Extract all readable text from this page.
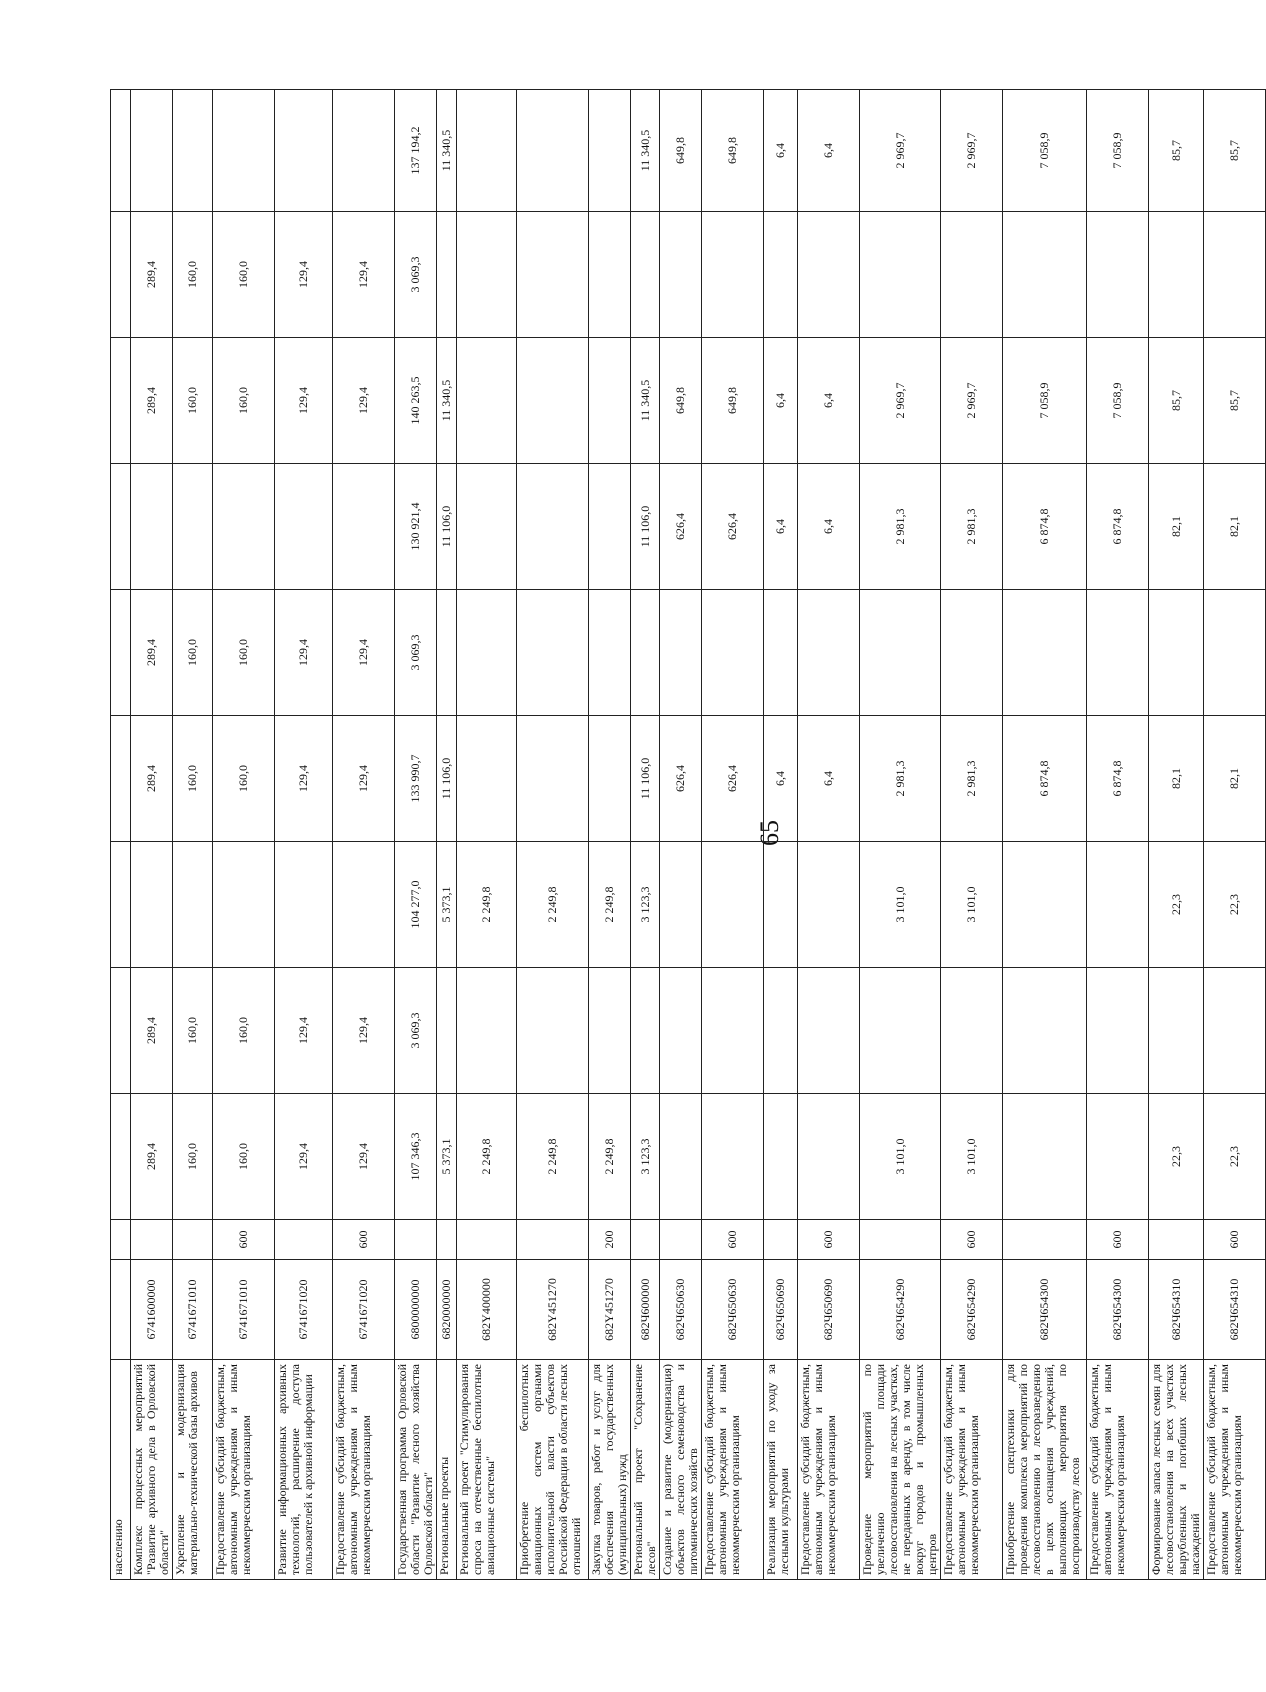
65
населению											
Комплекс процессных мероприятий "Развитие архивного дела в Орловской области"	6741600000		289,4	289,4		289,4	289,4		289,4	289,4	
Укрепление и модернизация материально-технической базы архивов	6741671010		160,0	160,0		160,0	160,0		160,0	160,0	
Предоставление субсидий бюджетным, автономным учреждениям и иным некоммерческим организациям	6741671010	600	160,0	160,0		160,0	160,0		160,0	160,0	
Развитие информационных архивных технологий, расширение доступа пользователей к архивной информации	6741671020		129,4	129,4		129,4	129,4		129,4	129,4	
Предоставление субсидий бюджетным, автономным учреждениям и иным некоммерческим организациям	6741671020	600	129,4	129,4		129,4	129,4		129,4	129,4	
Государственная программа Орловской области "Развитие лесного хозяйства Орловской области"	6800000000		107 346,3	3 069,3	104 277,0	133 990,7	3 069,3	130 921,4	140 263,5	3 069,3	137 194,2
Региональные проекты	6820000000		5 373,1		5 373,1	11 106,0		11 106,0	11 340,5		11 340,5
Региональный проект "Стимулирования спроса на отечественные беспилотные авиационные системы"	682Y400000		2 249,8		2 249,8						
Приобретение беспилотных авиационных систем органами исполнительной власти субъектов Российской Федерации в области лесных отношений	682Y451270		2 249,8		2 249,8						
Закупка товаров, работ и услуг для обеспечения государственных (муниципальных) нужд	682Y451270	200	2 249,8		2 249,8						
Региональный проект "Сохранение лесов"	682Ч600000		3 123,3		3 123,3	11 106,0		11 106,0	11 340,5		11 340,5
Создание и развитие (модернизация) объектов лесного семеноводства и питомнических хозяйств	682Ч650630					626,4		626,4	649,8		649,8
Предоставление субсидий бюджетным, автономным учреждениям и иным некоммерческим организациям	682Ч650630	600				626,4		626,4	649,8		649,8
Реализация мероприятий по уходу за лесными культурами	682Ч650690					6,4		6,4	6,4		6,4
Предоставление субсидий бюджетным, автономным учреждениям и иным некоммерческим организациям	682Ч650690	600				6,4		6,4	6,4		6,4
Проведение мероприятий по увеличению площади лесовосстановления на лесных участках, не переданных в аренду, в том числе вокруг городов и промышленных центров	682Ч654290		3 101,0		3 101,0	2 981,3		2 981,3	2 969,7		2 969,7
Предоставление субсидий бюджетным, автономным учреждениям и иным некоммерческим организациям	682Ч654290	600	3 101,0		3 101,0	2 981,3		2 981,3	2 969,7		2 969,7
Приобретение спецтехники для проведения комплекса мероприятий по лесовосстановлению и лесоразведению в целях оснащения учреждений, выполняющих мероприятия по воспроизводству лесов	682Ч654300					6 874,8		6 874,8	7 058,9		7 058,9
Предоставление субсидий бюджетным, автономным учреждениям и иным некоммерческим организациям	682Ч654300	600				6 874,8		6 874,8	7 058,9		7 058,9
Формирование запаса лесных семян для лесовосстановления на всех участках вырубленных и погибших лесных насаждений	682Ч654310		22,3		22,3	82,1		82,1	85,7		85,7
Предоставление субсидий бюджетным, автономным учреждениям и иным некоммерческим организациям	682Ч654310	600	22,3		22,3	82,1		82,1	85,7		85,7
